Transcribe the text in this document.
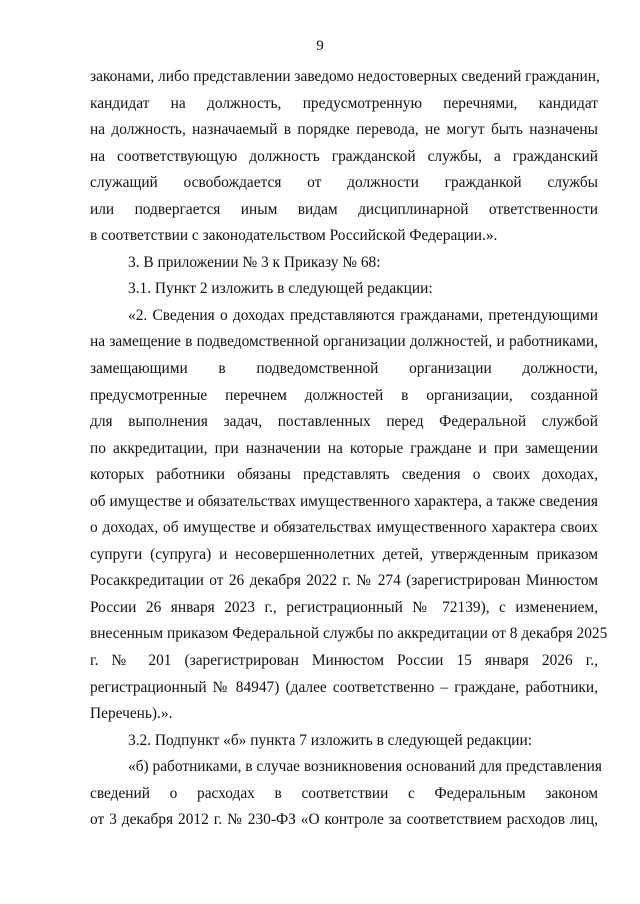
9
законами, либо представлении заведомо недостоверных сведений гражданин,
кандидат на должность, предусмотренную перечнями, кандидат
на должность, назначаемый в порядке перевода, не могут быть назначены
на соответствующую должность гражданской службы, а гражданский
служащий освобождается от должности гражданкой службы
или подвергается иным видам дисциплинарной ответственности
в соответствии с законодательством Российской Федерации.».
3. В приложении № 3 к Приказу № 68:
3.1. Пункт 2 изложить в следующей редакции:
«2. Сведения о доходах представляются гражданами, претендующими
на замещение в подведомственной организации должностей, и работниками,
замещающими в подведомственной организации должности,
предусмотренные перечнем должностей в организации, созданной
для выполнения задач, поставленных перед Федеральной службой
по аккредитации, при назначении на которые граждане и при замещении
которых работники обязаны представлять сведения о своих доходах,
об имуществе и обязательствах имущественного характера, а также сведения
о доходах, об имуществе и обязательствах имущественного характера своих
супруги (супруга) и несовершеннолетних детей, утвержденным приказом
Росаккредитации от 26 декабря 2022 г. № 274 (зарегистрирован Минюстом
России 26 января 2023 г., регистрационный № 72139), с изменением,
внесенным приказом Федеральной службы по аккредитации от 8 декабря 2025
г. № 201 (зарегистрирован Минюстом России 15 января 2026 г.,
регистрационный № 84947) (далее соответственно – граждане, работники,
Перечень).».
3.2. Подпункт «б» пункта 7 изложить в следующей редакции:
«б) работниками, в случае возникновения оснований для представления
сведений о расходах в соответствии с Федеральным законом
от 3 декабря 2012 г. № 230-ФЗ «О контроле за соответствием расходов лиц,
